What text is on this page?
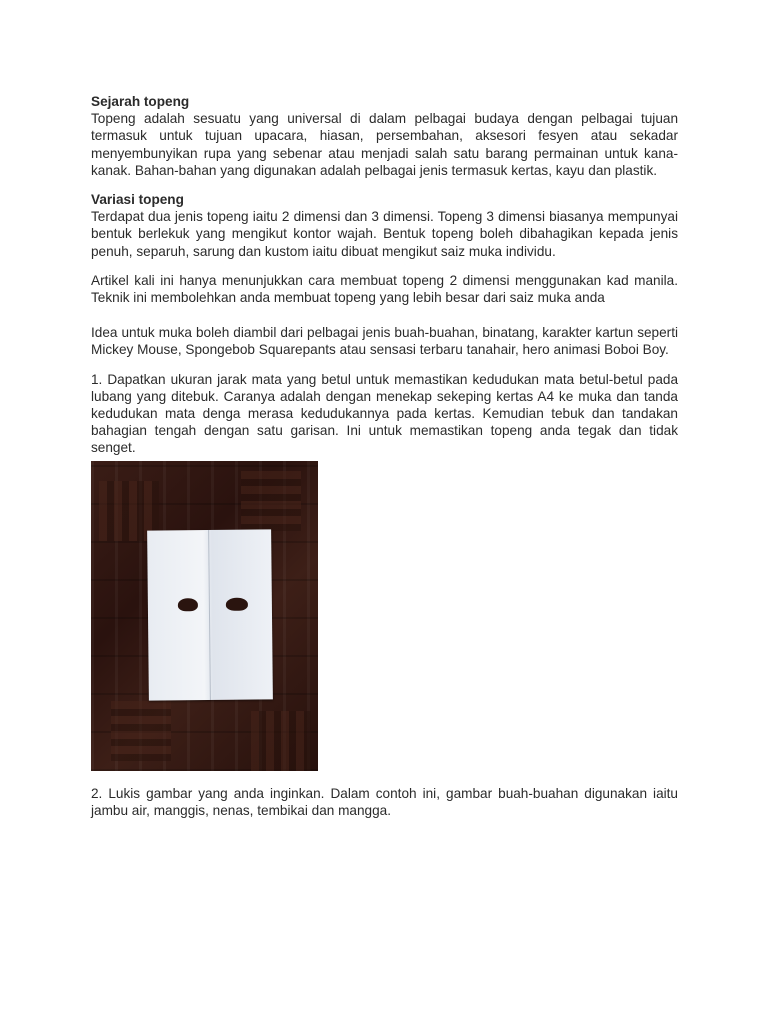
Sejarah topeng

Topeng adalah sesuatu yang universal di dalam pelbagai budaya dengan pelbagai tujuan termasuk untuk tujuan upacara, hiasan, persembahan, aksesori fesyen atau sekadar menyembunyikan rupa yang sebenar atau menjadi salah satu barang permainan untuk kana-kanak. Bahan-bahan yang digunakan adalah pelbagai jenis termasuk kertas, kayu dan plastik.

Variasi topeng

Terdapat dua jenis topeng iaitu 2 dimensi dan 3 dimensi. Topeng 3 dimensi biasanya mempunyai bentuk berlekuk yang mengikut kontor wajah. Bentuk topeng boleh dibahagikan kepada jenis penuh, separuh, sarung dan kustom iaitu dibuat mengikut saiz muka individu.

Artikel kali ini hanya menunjukkan cara membuat topeng 2 dimensi menggunakan kad manila. Teknik ini membolehkan anda membuat topeng yang lebih besar dari saiz muka anda

Idea untuk muka boleh diambil dari pelbagai jenis buah-buahan, binatang, karakter kartun seperti Mickey Mouse, Spongebob Squarepants atau sensasi terbaru tanahair, hero animasi Boboi Boy.

1. Dapatkan ukuran jarak mata yang betul untuk memastikan kedudukan mata betul-betul pada lubang yang ditebuk. Caranya adalah dengan menekap sekeping kertas A4 ke muka dan tanda kedudukan mata denga merasa kedudukannya pada kertas. Kemudian tebuk dan tandakan bahagian tengah dengan satu garisan. Ini untuk memastikan topeng anda tegak dan tidak senget.

2. Lukis gambar yang anda inginkan. Dalam contoh ini, gambar buah-buahan digunakan iaitu jambu air, manggis, nenas, tembikai dan mangga.
